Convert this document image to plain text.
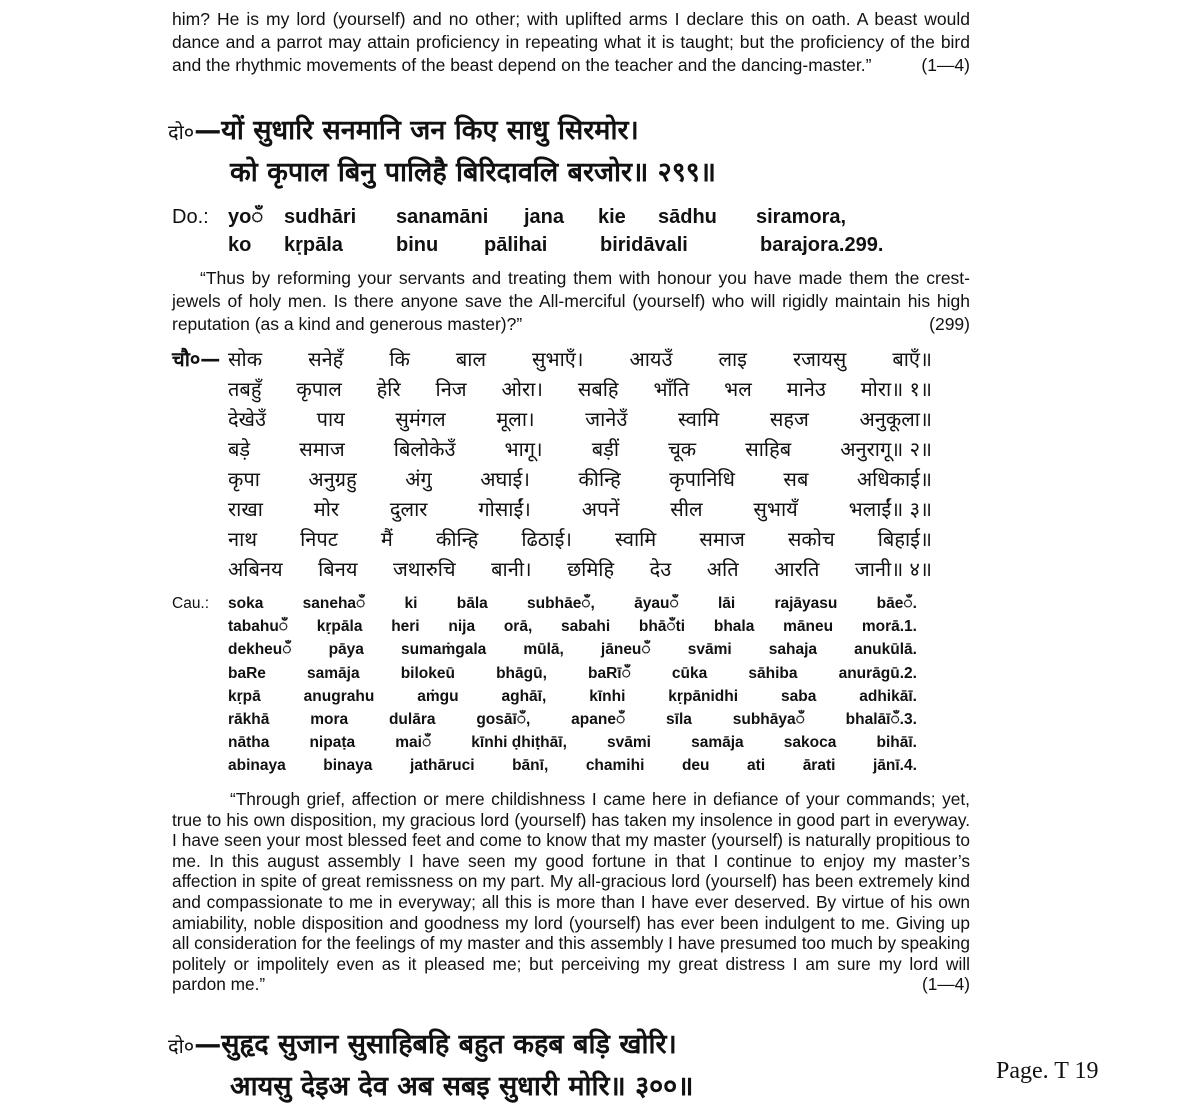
him? He is my lord (yourself) and no other; with uplifted arms I declare this on oath. A beast would dance and a parrot may attain proficiency in repeating what it is taught; but the proficiency of the bird and the rhythmic movements of the beast depend on the teacher and the dancing-master.”	(1—4)

दो०—यों सुधारि सनमानि जन किए साधु सिरमोर।
को कृपाल बिनु पालिहै बिरिदावलि बरजोर॥ २९९॥
Do.: yoँ sudhāri sanamāni jana kie sādhu siramora,
ko kṛpāla	binu pālihai	biridāvali	barajora.299.

“Thus by reforming your servants and treating them with honour you have made them the crest-jewels of holy men. Is there anyone save the All-merciful (yourself) who will rigidly maintain his high reputation (as a kind and generous master)?”	(299)

सोक सनेहँ कि बाल सुभाएँ। आयउँ लाइ रजायसु बाएँ॥
तबहुँ कृपाल हेरि निज ओरा। सबहि भाँति भल मानेउ मोरा॥ १॥
देखेउँ	पाय	सुमंगल	मूला।	जानेउँ	स्वामि	सहज	अनुकूला॥
बड़े समाज बिलोकेउँ भागू। बड़ीं चूक साहिब अनुरागू॥ २॥
कृपा अनुग्रहु अंगु अघाई। कीन्हि कृपानिधि सब अधिकाई॥
राखा	मोर	दुलार	गोसाईं।	अपनें	सील	सुभायँ	भलाईं॥ ३॥
नाथ निपट मैं कीन्हि ढिठाई। स्वामि समाज सकोच बिहाई॥
अबिनय बिनय जथारुचि बानी। छमिहि देउ अति आरति जानी॥ ४॥
चौ०—
Cau.:	soka	sanehaँ	ki	bāla	subhāeँ,	āyauँ	lāi	rajāyasu	bāeँ.
tabahuँ kṛpāla heri nija orā, sabahi bhāँti bhala māneu morā.1.
dekheuँ pāya sumaṁgala mūlā, jāneuँ svāmi sahaja anukūlā.
baRe	samāja	bilokeū	bhāgū,	baRīँ	cūka	sāhiba	anurāgū.2.
kṛpā	anugrahu	aṁgu	aghāī,	kīnhi	kṛpānidhi	saba	adhikāī.
rākhā	mora	dulāra	gosāīँ,	apaneँ	sīla	subhāyaँ	bhalāīँ.3.
nātha	nipaṭa	maiँ	kīnhi ḍhiṭhāī,	svāmi	samāja	sakoca	bihāī.
abinaya binaya jathāruci bānī, chamihi deu ati ārati jānī.4.

“Through grief, affection or mere childishness I came here in defiance of your commands; yet, true to his own disposition, my gracious lord (yourself) has taken my insolence in good part in everyway. I have seen your most blessed feet and come to know that my master (yourself) is naturally propitious to me. In this august assembly I have seen my good fortune in that I continue to enjoy my master’s affection in spite of great remissness on my part. My all-gracious lord (yourself) has been extremely kind and compassionate to me in everyway; all this is more than I have ever deserved. By virtue of his own amiability, noble disposition and goodness my lord (yourself) has ever been indulgent to me. Giving up all consideration for the feelings of my master and this assembly I have presumed too much by speaking politely or impolitely even as it pleased me; but perceiving my great distress I am sure my lord will pardon me.”	(1—4)

दो०—सुहृद सुजान सुसाहिबहि बहुत कहब बड़ि खोरि।
आयसु देइअ देव अब सबइ सुधारी मोरि॥ ३००॥	Page. T 19
